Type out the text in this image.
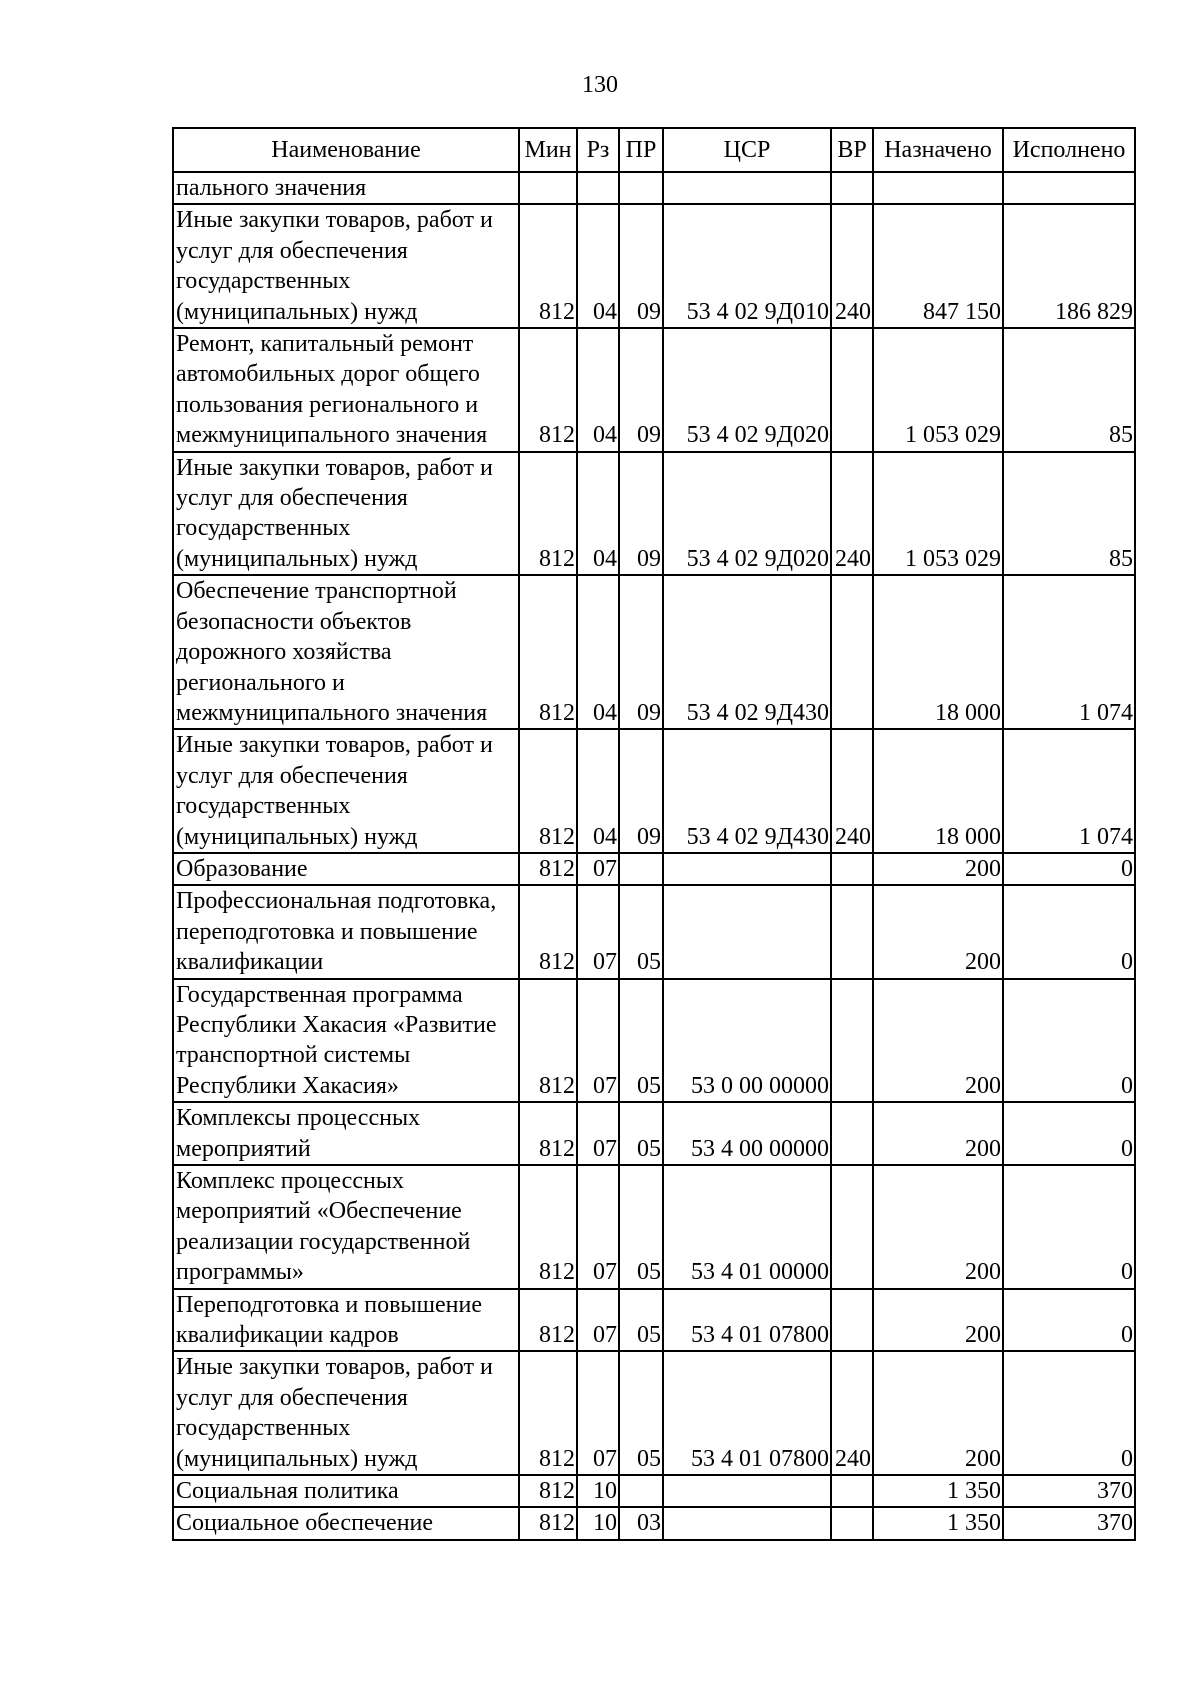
130
Наименование	Мин	Рз	ПР	ЦСР	ВР	Назначено	Исполнено
пального значения							
Иные закупки товаров, работ и услуг для обеспечения государственных (муниципальных) нужд	812	04	09	53 4 02 9Д010	240	847 150	186 829
Ремонт, капитальный ремонт автомобильных дорог общего пользования регионального и межмуниципального значения	812	04	09	53 4 02 9Д020		1 053 029	85
Иные закупки товаров, работ и услуг для обеспечения государственных (муниципальных) нужд	812	04	09	53 4 02 9Д020	240	1 053 029	85
Обеспечение транспортной безопасности объектов дорожного хозяйства регионального и межмуниципального значения	812	04	09	53 4 02 9Д430		18 000	1 074
Иные закупки товаров, работ и услуг для обеспечения государственных (муниципальных) нужд	812	04	09	53 4 02 9Д430	240	18 000	1 074
Образование	812	07				200	0
Профессиональная подготовка, переподготовка и повышение квалификации	812	07	05			200	0
Государственная программа Республики Хакасия «Развитие транспортной системы Республики Хакасия»	812	07	05	53 0 00 00000		200	0
Комплексы процессных мероприятий	812	07	05	53 4 00 00000		200	0
Комплекс процессных мероприятий «Обеспечение реализации государственной программы»	812	07	05	53 4 01 00000		200	0
Переподготовка и повышение квалификации кадров	812	07	05	53 4 01 07800		200	0
Иные закупки товаров, работ и услуг для обеспечения государственных (муниципальных) нужд	812	07	05	53 4 01 07800	240	200	0
Социальная политика	812	10				1 350	370
Социальное обеспечение	812	10	03			1 350	370
